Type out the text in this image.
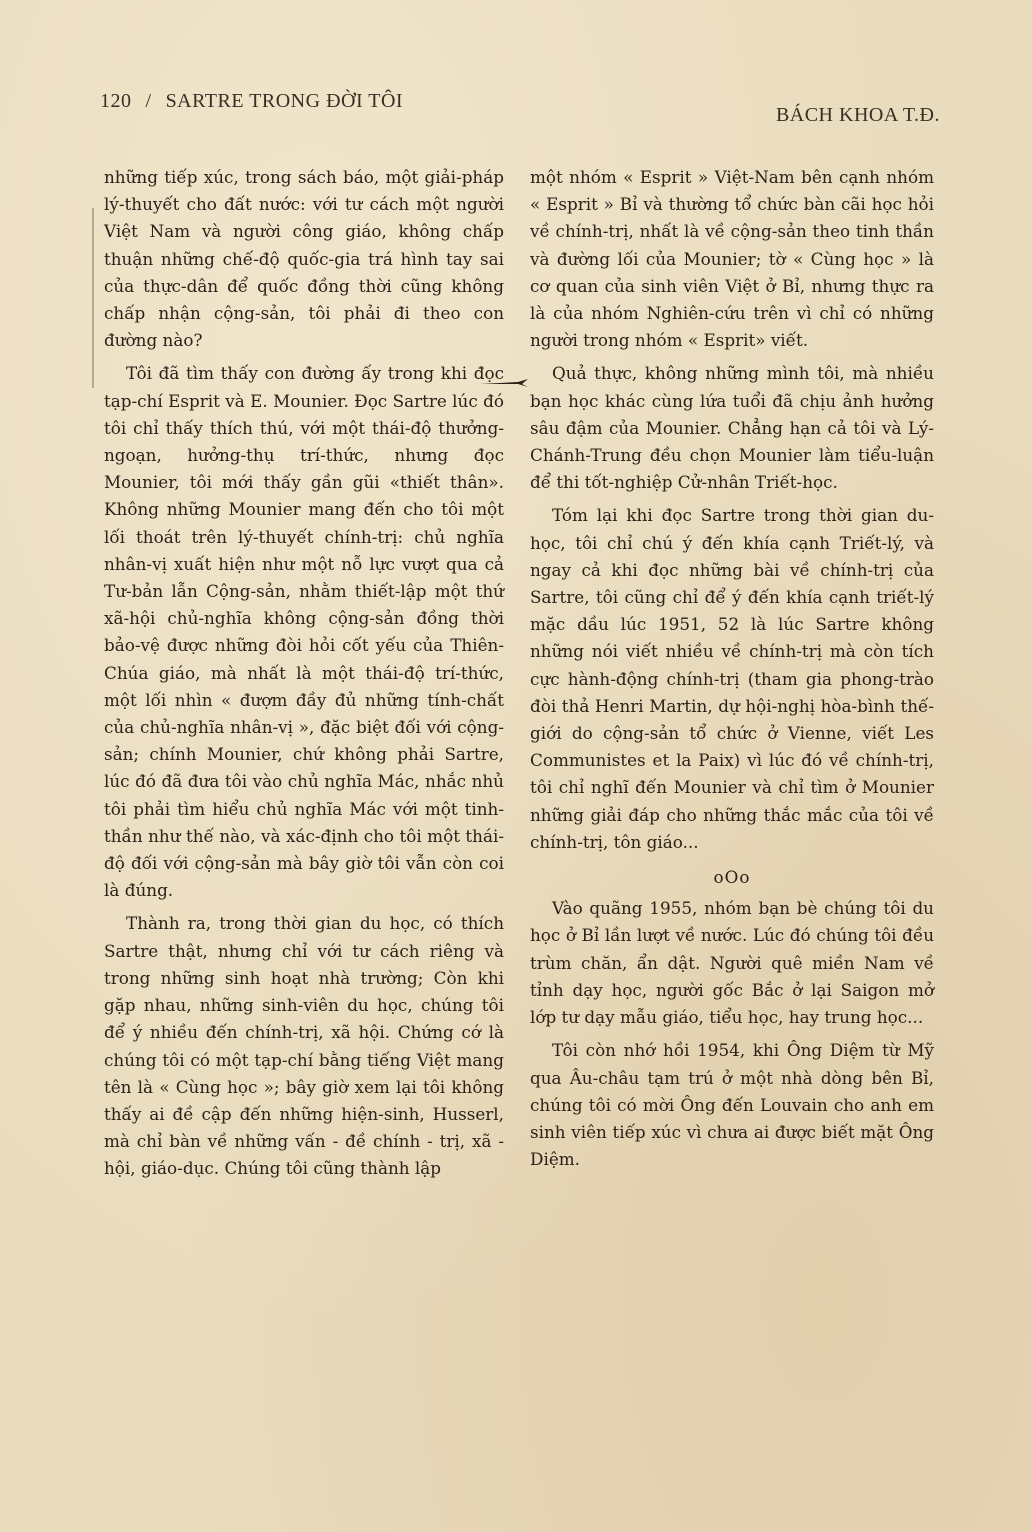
120 / SARTRE TRONG ĐỜI TÔI
BÁCH KHOA T.Đ.

những tiếp xúc, trong sách báo, một giải-pháp lý-thuyết cho đất nước: với tư cách một người Việt Nam và người công giáo, không chấp thuận những chế-độ quốc-gia trá hình tay sai của thực-dân để quốc đồng thời cũng không chấp nhận cộng-sản, tôi phải đi theo con đường nào?

Tôi đã tìm thấy con đường ấy trong khi đọc tạp-chí Esprit và E. Mounier. Đọc Sartre lúc đó tôi chỉ thấy thích thú, với một thái-độ thưởng-ngoạn, hưởng-thụ trí-thức, nhưng đọc Mounier, tôi mới thấy gần gũi «thiết thân». Không những Mounier mang đến cho tôi một lối thoát trên lý-thuyết chính-trị: chủ nghĩa nhân-vị xuất hiện như một nỗ lực vượt qua cả Tư-bản lẫn Cộng-sản, nhằm thiết-lập một thứ xã-hội chủ-nghĩa không cộng-sản đồng thời bảo-vệ được những đòi hỏi cốt yếu của Thiên-Chúa giáo, mà nhất là một thái-độ trí-thức, một lối nhìn « đượm đầy đủ những tính-chất của chủ-nghĩa nhân-vị », đặc biệt đối với cộng-sản; chính Mounier, chứ không phải Sartre, lúc đó đã đưa tôi vào chủ nghĩa Mác, nhắc nhủ tôi phải tìm hiểu chủ nghĩa Mác với một tinh-thần như thế nào, và xác-định cho tôi một thái-độ đối với cộng-sản mà bây giờ tôi vẫn còn coi là đúng.

Thành ra, trong thời gian du học, có thích Sartre thật, nhưng chỉ với tư cách riêng và trong những sinh hoạt nhà trường; Còn khi gặp nhau, những sinh-viên du học, chúng tôi để ý nhiều đến chính-trị, xã hội. Chứng cớ là chúng tôi có một tạp-chí bằng tiếng Việt mang tên là « Cùng học »; bây giờ xem lại tôi không thấy ai đề cập đến những hiện-sinh, Husserl, mà chỉ bàn về những vấn - đề chính - trị, xã - hội, giáo-dục. Chúng tôi cũng thành lập

một nhóm « Esprit » Việt-Nam bên cạnh nhóm « Esprit » Bỉ và thường tổ chức bàn cãi học hỏi về chính-trị, nhất là về cộng-sản theo tinh thần và đường lối của Mounier; tờ « Cùng học » là cơ quan của sinh viên Việt ở Bỉ, nhưng thực ra là của nhóm Nghiên-cứu trên vì chỉ có những người trong nhóm « Esprit» viết.

Quả thực, không những mình tôi, mà nhiều bạn học khác cùng lứa tuổi đã chịu ảnh hưởng sâu đậm của Mounier. Chẳng hạn cả tôi và Lý-Chánh-Trung đều chọn Mounier làm tiểu-luận để thi tốt-nghiệp Cử-nhân Triết-học.

Tóm lại khi đọc Sartre trong thời gian du-học, tôi chỉ chú ý đến khía cạnh Triết-lý, và ngay cả khi đọc những bài về chính-trị của Sartre, tôi cũng chỉ để ý đến khía cạnh triết-lý mặc dầu lúc 1951, 52 là lúc Sartre không những nói viết nhiều về chính-trị mà còn tích cực hành-động chính-trị (tham gia phong-trào đòi thả Henri Martin, dự hội-nghị hòa-bình thế-giới do cộng-sản tổ chức ở Vienne, viết Les Communistes et la Paix) vì lúc đó về chính-trị, tôi chỉ nghĩ đến Mounier và chỉ tìm ở Mounier những giải đáp cho những thắc mắc của tôi về chính-trị, tôn giáo...

oOo

Vào quãng 1955, nhóm bạn bè chúng tôi du học ở Bỉ lần lượt về nước. Lúc đó chúng tôi đều trùm chăn, ẩn dật. Người quê miền Nam về tỉnh dạy học, người gốc Bắc ở lại Saigon mở lớp tư dạy mẫu giáo, tiểu học, hay trung học...

Tôi còn nhớ hồi 1954, khi Ông Diệm từ Mỹ qua Âu-châu tạm trú ở một nhà dòng bên Bỉ, chúng tôi có mời Ông đến Louvain cho anh em sinh viên tiếp xúc vì chưa ai được biết mặt Ông Diệm.
